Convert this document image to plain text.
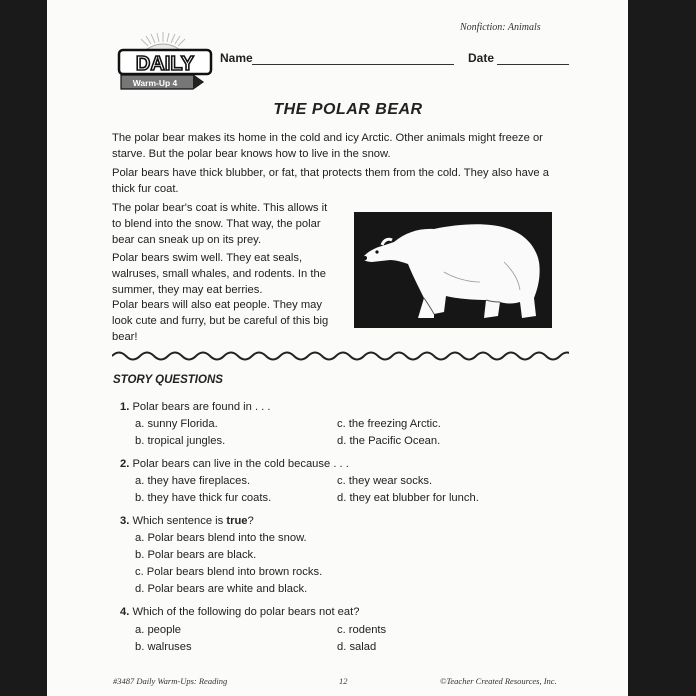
Nonfiction: Animals
DAILY
Warm-Up 4
Name	Date
THE POLAR BEAR
The polar bear makes its home in the cold and icy Arctic. Other animals might freeze or starve. But the polar bear knows how to live in the snow.
Polar bears have thick blubber, or fat, that protects them from the cold. They also have a thick fur coat.
The polar bear's coat is white. This allows it to blend into the snow. That way, the polar bear can sneak up on its prey.
Polar bears swim well. They eat seals, walruses, small whales, and rodents. In the summer, they may eat berries.
Polar bears will also eat people. They may look cute and furry, but be careful of this big bear!
STORY QUESTIONS
1. Polar bears are found in . . .
a. sunny Florida.	c. the freezing Arctic.
b. tropical jungles.	d. the Pacific Ocean.
2. Polar bears can live in the cold because . . .
a. they have fireplaces.	c. they wear socks.
b. they have thick fur coats.	d. they eat blubber for lunch.
3. Which sentence is true?
a. Polar bears blend into the snow.
b. Polar bears are black.
c. Polar bears blend into brown rocks.
d. Polar bears are white and black.
4. Which of the following do polar bears not eat?
a. people	c. rodents
b. walruses	d. salad
#3487 Daily Warm-Ups: Reading	12	©Teacher Created Resources, Inc.
